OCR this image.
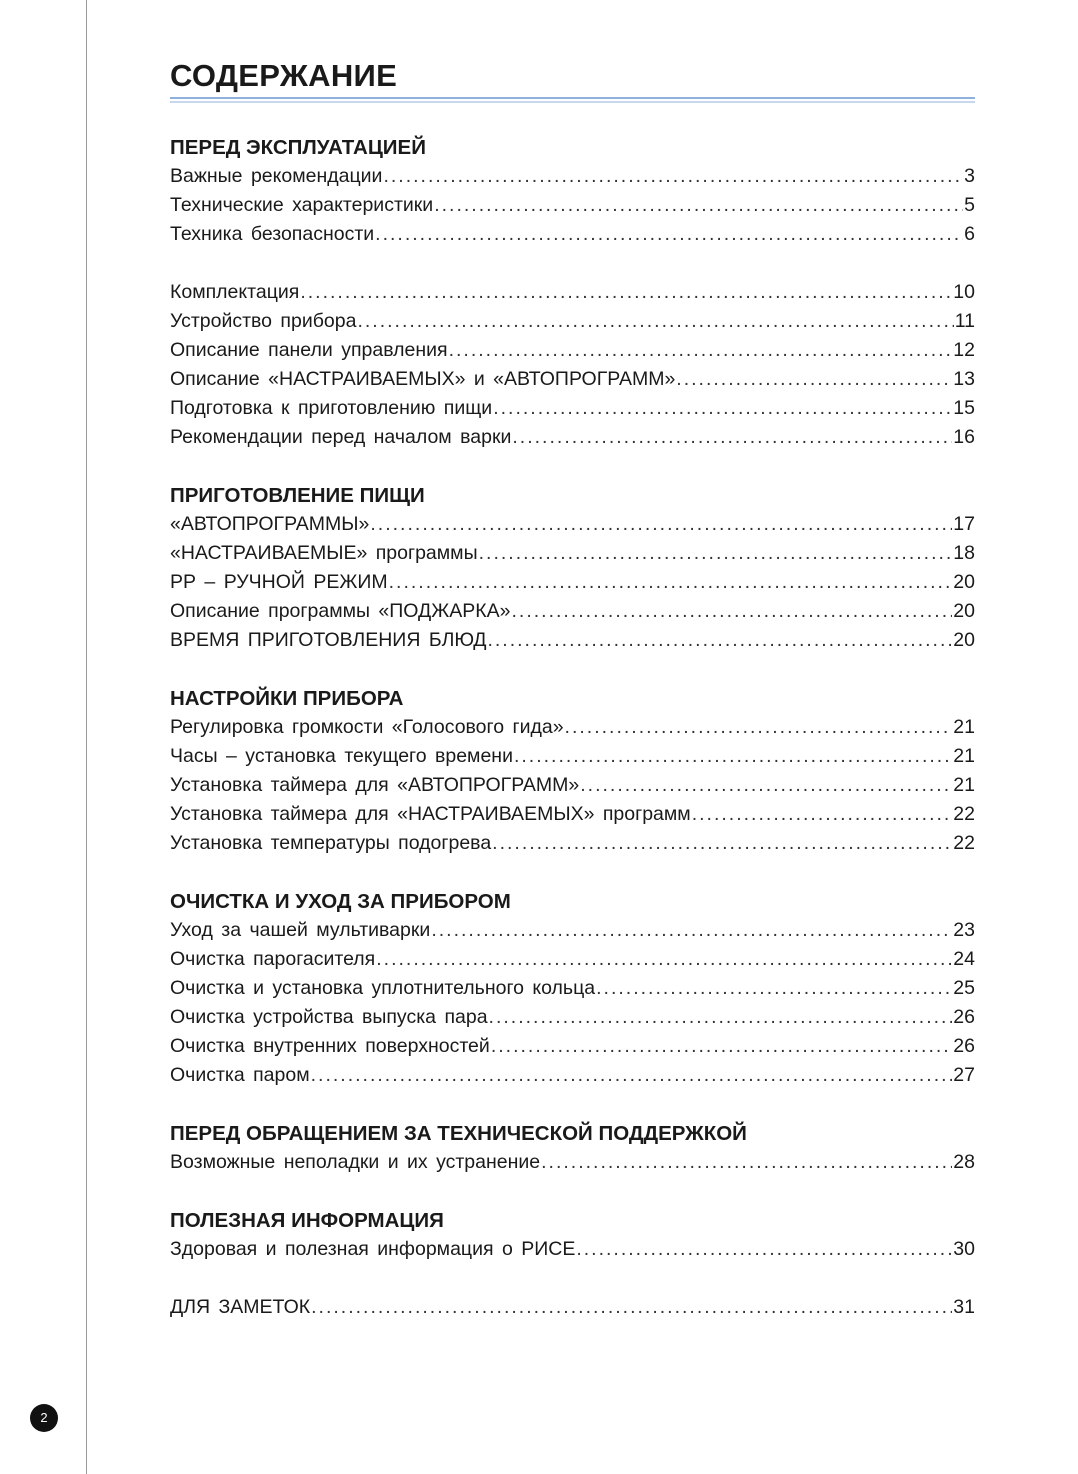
СОДЕРЖАНИЕ
ПЕРЕД ЭКСПЛУАТАЦИЕЙ
Важные рекомендации .....	3
Технические характеристики .....	5
Техника безопасности .....	6
Комплектация .....	10
Устройство прибора .....	11
Описание панели управления .....	12
Описание «НАСТРАИВАЕМЫХ» и «АВТОПРОГРАММ» .....	13
Подготовка к приготовлению пищи .....	15
Рекомендации перед началом варки .....	16
ПРИГОТОВЛЕНИЕ ПИЩИ
«АВТОПРОГРАММЫ» .....	17
«НАСТРАИВАЕМЫЕ» программы .....	18
РР – РУЧНОЙ РЕЖИМ .....	20
Описание программы «ПОДЖАРКА» .....	20
ВРЕМЯ ПРИГОТОВЛЕНИЯ БЛЮД .....	20
НАСТРОЙКИ ПРИБОРА
Регулировка громкости «Голосового гида» .....	21
Часы – установка текущего времени .....	21
Установка таймера для «АВТОПРОГРАММ» .....	21
Установка таймера для «НАСТРАИВАЕМЫХ» программ .....	22
Установка температуры подогрева .....	22
ОЧИСТКА И УХОД ЗА ПРИБОРОМ
Уход за чашей мультиварки .....	23
Очистка парогасителя .....	24
Очистка и установка уплотнительного кольца .....	25
Очистка устройства выпуска пара .....	26
Очистка внутренних поверхностей .....	26
Очистка паром .....	27
ПЕРЕД ОБРАЩЕНИЕМ ЗА ТЕХНИЧЕСКОЙ ПОДДЕРЖКОЙ
Возможные неполадки и их устранение .....	28
ПОЛЕЗНАЯ ИНФОРМАЦИЯ
Здоровая и полезная информация о РИСЕ .....	30
ДЛЯ ЗАМЕТОК .....	31
2
